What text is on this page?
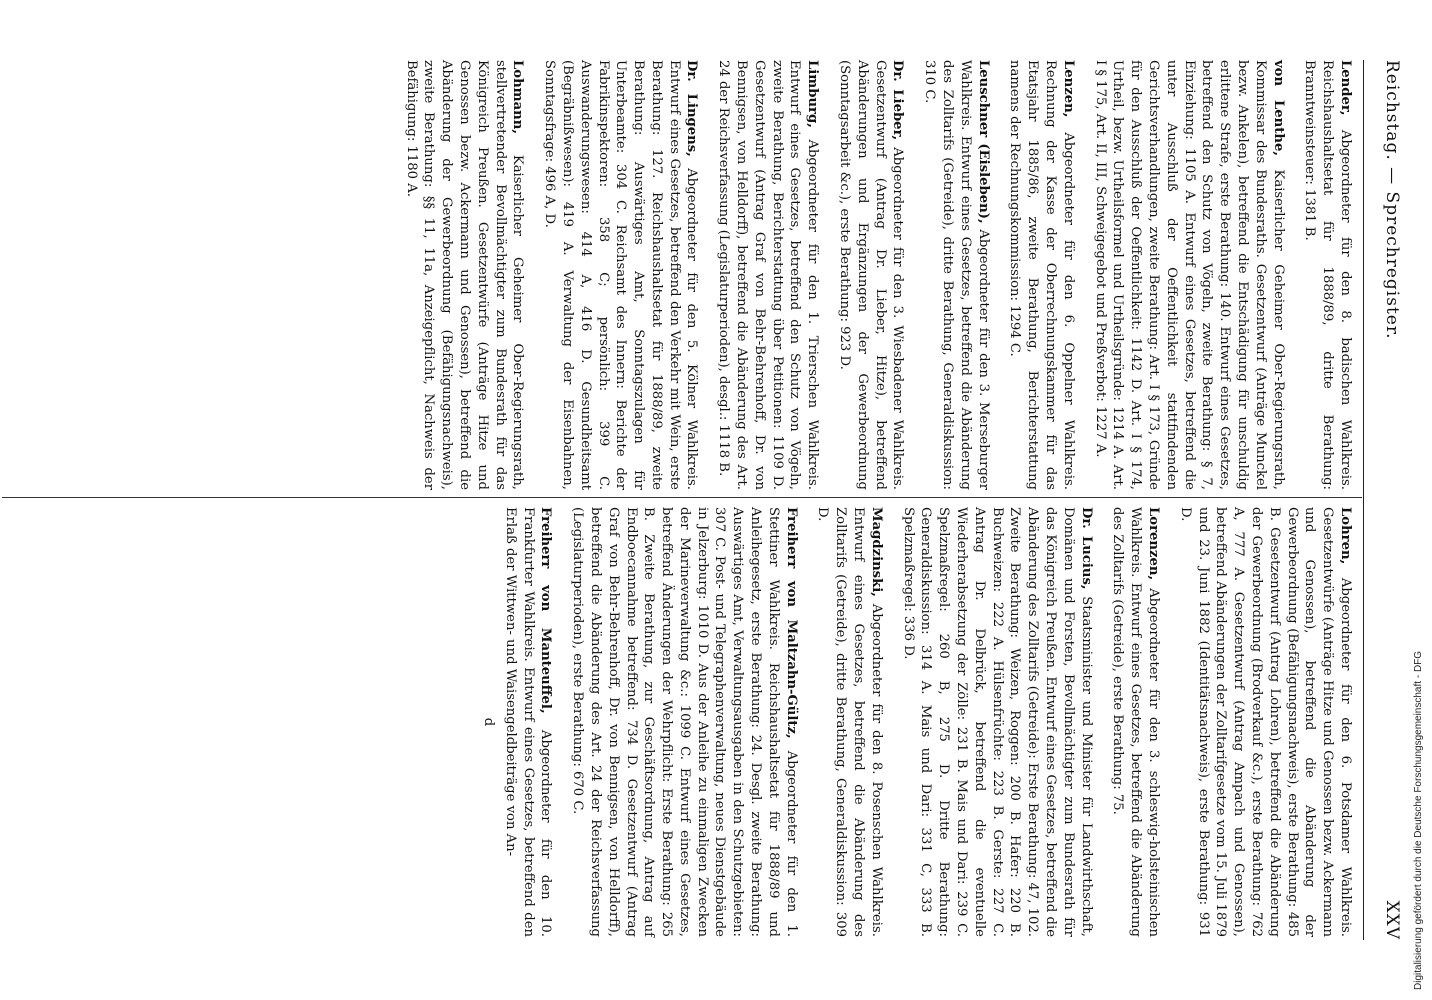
Reichstag. — Sprechregister.
XXV
Lender, Abgeordneter für den 8. badischen Wahlkreis. Reichshaushaltsetat für 1888/89, dritte Berathung: Branntweinsteuer: 1381 B.
von Lenthe, Kaiserlicher Geheimer Ober-Regierungsrath, Kommissar des Bundesraths. Gesetzentwurf (Anträge Munckel bezw. Ankelen), betreffend die Entschädigung für unschuldig erlittene Strafe, erste Berathung: 140. Entwurf eines Gesetzes, betreffend den Schutz von Vögeln, zweite Berathung: § 7, Einziehung: 1105 A. Entwurf eines Gesetzes, betreffend die unter Ausschluß der Oeffentlichkeit stattfindenden Gerichtsverhandlungen, zweite Berathung: Art. I § 173, Gründe für den Ausschluß der Oeffentlichkeit: 1142 D. Art. I § 174, Urtheil, bezw. Urtheilsformel und Urtheilsgründe: 1214 A. Art. I § 175, Art. II, III, Schweigegebot und Preßverbot: 1227 A.
Lenzen, Abgeordneter für den 6. Oppelner Wahlkreis. Rechnung der Kasse der Oberrechnungskammer für das Etatsjahr 1885/86, zweite Berathung, Berichterstattung namens der Rechnungskommission: 1294 C.
Leuschner (Eisleben), Abgeordneter für den 3. Merseburger Wahlkreis. Entwurf eines Gesetzes, betreffend die Abänderung des Zolltarifs (Getreide), dritte Berathung, Generaldiskussion: 310 C.
Dr. Lieber, Abgeordneter für den 3. Wiesbadener Wahlkreis. Gesetzentwurf (Antrag Dr. Lieber, Hitze), betreffend Abänderungen und Ergänzungen der Gewerbeordnung (Sonntagsarbeit &c.), erste Berathung: 923 D.
Limburg, Abgeordneter für den 1. Trierschen Wahlkreis. Entwurf eines Gesetzes, betreffend den Schutz von Vögeln, zweite Berathung, Berichterstattung über Petitionen: 1109 D. Gesetzentwurf (Antrag Graf von Behr-Behrenhoff, Dr. von Bennigsen, von Helldorff), betreffend die Abänderung des Art. 24 der Reichsverfassung (Legislaturperioden), desgl.: 1118 B.
Dr. Lingens, Abgeordneter für den 5. Kölner Wahlkreis. Entwurf eines Gesetzes, betreffend den Verkehr mit Wein, erste Berathung: 127. Reichshaushaltsetat für 1888/89, zweite Berathung: Auswärtiges Amt, Sonntagszulagen für Unterbeamte: 304 C. Reichsamt des Innern: Berichte der Fabrikinspektoren: 358 C; persönlich: 399 C. Auswanderungswesen: 414 A, 416 D. Gesundheitsamt (Begräbnißwesen): 419 A. Verwaltung der Eisenbahnen, Sonntagsfrage: 496 A, D.
Lohmann, Kaiserlicher Geheimer Ober-Regierungsrath, stellvertretender Bevollmächtigter zum Bundesrath für das Königreich Preußen. Gesetzentwürfe (Anträge Hitze und Genossen bezw. Ackermann und Genossen), betreffend die Abänderung der Gewerbeordnung (Befähigungsnachweis), zweite Berathung: §§ 11, 11a, Anzeigepflicht, Nachweis der Befähigung: 1180 A.
Lohren, Abgeordneter für den 6. Potsdamer Wahlkreis. Gesetzentwürfe (Anträge Hitze und Genossen bezw. Ackermann und Genossen), betreffend die Abänderung der Gewerbeordnung (Befähigungsnachweis), erste Berathung: 485 B. Gesetzentwurf (Antrag Lohren), betreffend die Abänderung der Gewerbeordnung (Brodverkauf &c.), erste Berathung: 762 A, 777 A. Gesetzentwurf (Antrag Ampach und Genossen), betreffend Abänderungen der Zolltarifgesetze vom 15. Juli 1879 und 23. Juni 1882 (Identitätsnachweis), erste Berathung: 931 D.
Lorenzen, Abgeordneter für den 3. schleswig-holsteinischen Wahlkreis. Entwurf eines Gesetzes, betreffend die Abänderung des Zolltarifs (Getreide), erste Berathung: 75.
Dr. Lucius, Staatsminister und Minister für Landwirthschaft, Domänen und Forsten, Bevollmächtigter zum Bundesrath für das Königreich Preußen. Entwurf eines Gesetzes, betreffend die Abänderung des Zolltarifs (Getreide): Erste Berathung: 47, 102. Zweite Berathung: Weizen, Roggen: 200 B. Hafer: 220 B. Buchweizen: 222 A. Hülsenfrüchte: 223 B. Gerste: 227 C. Antrag Dr. Delbrück, betreffend die eventuelle Wiederherabsetzung der Zölle: 231 B. Mais und Dari: 239 C. Spelzmaßregel: 260 B, 275 D. Dritte Berathung: Generaldiskussion: 314 A. Mais und Dari: 331 C, 333 B. Spelzmaßregel: 336 D.
Magdzinski, Abgeordneter für den 8. Posenschen Wahlkreis. Entwurf eines Gesetzes, betreffend die Abänderung des Zolltarifs (Getreide), dritte Berathung, Generaldiskussion: 309 D.
Freiherr von Maltzahn-Gültz, Abgeordneter für den 1. Stettiner Wahlkreis. Reichshaushaltsetat für 1888/89 und Anleihegesetz, erste Berathung: 24. Desgl. zweite Berathung: Auswärtiges Amt, Verwaltungsausgaben in den Schutzgebieten: 307 C. Post- und Telegraphenverwaltung, neues Dienstgebäude in Jelzerburg: 1010 D. Aus der Anleihe zu einmaligen Zwecken der Marineverwaltung &c.: 1099 C. Entwurf eines Gesetzes, betreffend Änderungen der Wehrpflicht: Erste Berathung: 265 B. Zweite Berathung, zur Geschäftsordnung, Antrag auf Endboecannahme betreffend: 734 D. Gesetzentwurf (Antrag Graf von Behr-Behrenhoff, Dr. von Bennigsen, von Helldorff), betreffend die Abänderung des Art. 24 der Reichsverfassung (Legislaturperioden), erste Berathung: 670 C.
Freiherr von Manteuffel, Abgeordneter für den 10. Frankfurter Wahlkreis. Entwurf eines Gesetzes, betreffend den Erlaß der Wittwen- und Waisengeldbeiträge von An-
d	Digitalisierung gefördert durch die Deutsche Forschungsgemeinschaft - DFG
